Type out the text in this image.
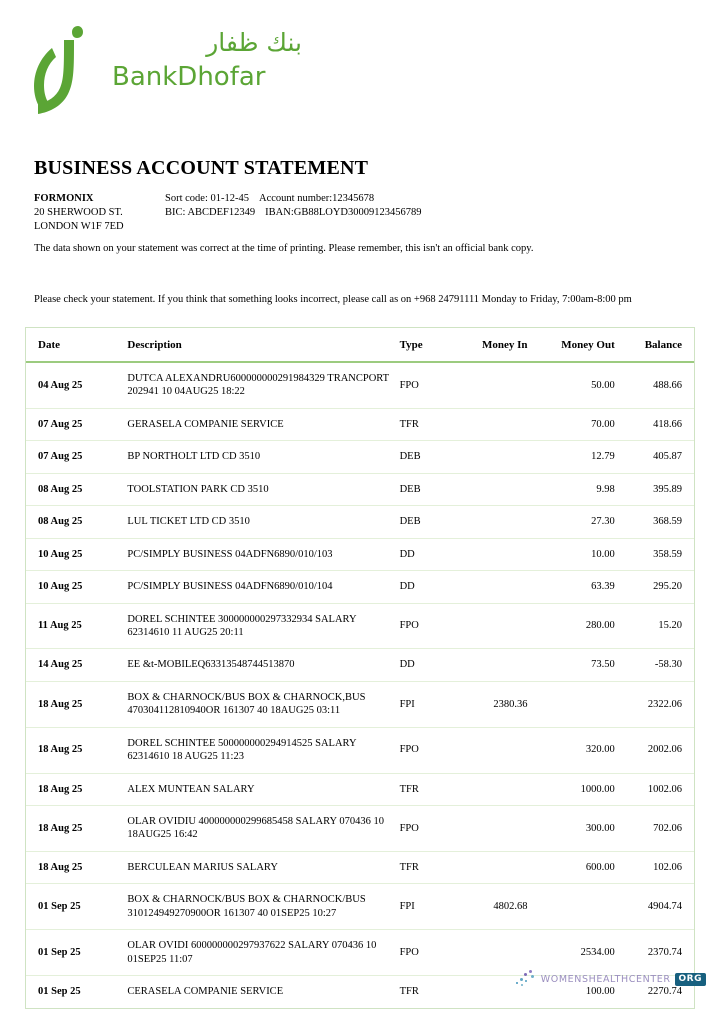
بنك ظفار
BankDhofar
BUSINESS ACCOUNT STATEMENT
FORMONIX
20 SHERWOOD ST.
LONDON W1F 7ED
Sort code: 01-12-45 Account number:12345678
BIC: ABCDEF12349 IBAN:GB88LOYD30009123456789
The data shown on your statement was correct at the time of printing. Please remember, this isn't an official bank copy.
Please check your statement. If you think that something looks incorrect, please call as on +968 24791111 Monday to Friday, 7:00am-8:00 pm
Date	Description	Type	Money In	Money Out	Balance
04 Aug 25	DUTCA ALEXANDRU600000000291984329 TRANCPORT
202941 10 04AUG25 18:22	FPO		50.00	488.66
07 Aug 25	GERASELA COMPANIE SERVICE	TFR		70.00	418.66
07 Aug 25	BP NORTHOLT LTD CD 3510	DEB		12.79	405.87
08 Aug 25	TOOLSTATION PARK CD 3510	DEB		9.98	395.89
08 Aug 25	LUL TICKET LTD CD 3510	DEB		27.30	368.59
10 Aug 25	PC/SIMPLY BUSINESS 04ADFN6890/010/103	DD		10.00	358.59
10 Aug 25	PC/SIMPLY BUSINESS 04ADFN6890/010/104	DD		63.39	295.20
11 Aug 25	DOREL SCHINTEE 300000000297332934 SALARY
62314610 11 AUG25 20:11	FPO		280.00	15.20
14 Aug 25	EE &t-MOBILEQ63313548744513870	DD		73.50	-58.30
18 Aug 25	BOX & CHARNOCK/BUS BOX & CHARNOCK,BUS
470304112810940OR 161307 40 18AUG25 03:11	FPI	2380.36		2322.06
18 Aug 25	DOREL SCHINTEE 500000000294914525 SALARY
62314610 18 AUG25 11:23	FPO		320.00	2002.06
18 Aug 25	ALEX MUNTEAN SALARY	TFR		1000.00	1002.06
18 Aug 25	OLAR OVIDIU 400000000299685458 SALARY 070436 10
18AUG25 16:42	FPO		300.00	702.06
18 Aug 25	BERCULEAN MARIUS SALARY	TFR		600.00	102.06
01 Sep 25	BOX & CHARNOCK/BUS BOX & CHARNOCK/BUS
310124949270900OR 161307 40 01SEP25 10:27	FPI	4802.68		4904.74
01 Sep 25	OLAR OVIDI 600000000297937622 SALARY 070436 10
01SEP25 11:07	FPO		2534.00	2370.74
01 Sep 25	CERASELA COMPANIE SERVICE	TFR		100.00	2270.74
WOMENSHEALTHCENTER ORG
